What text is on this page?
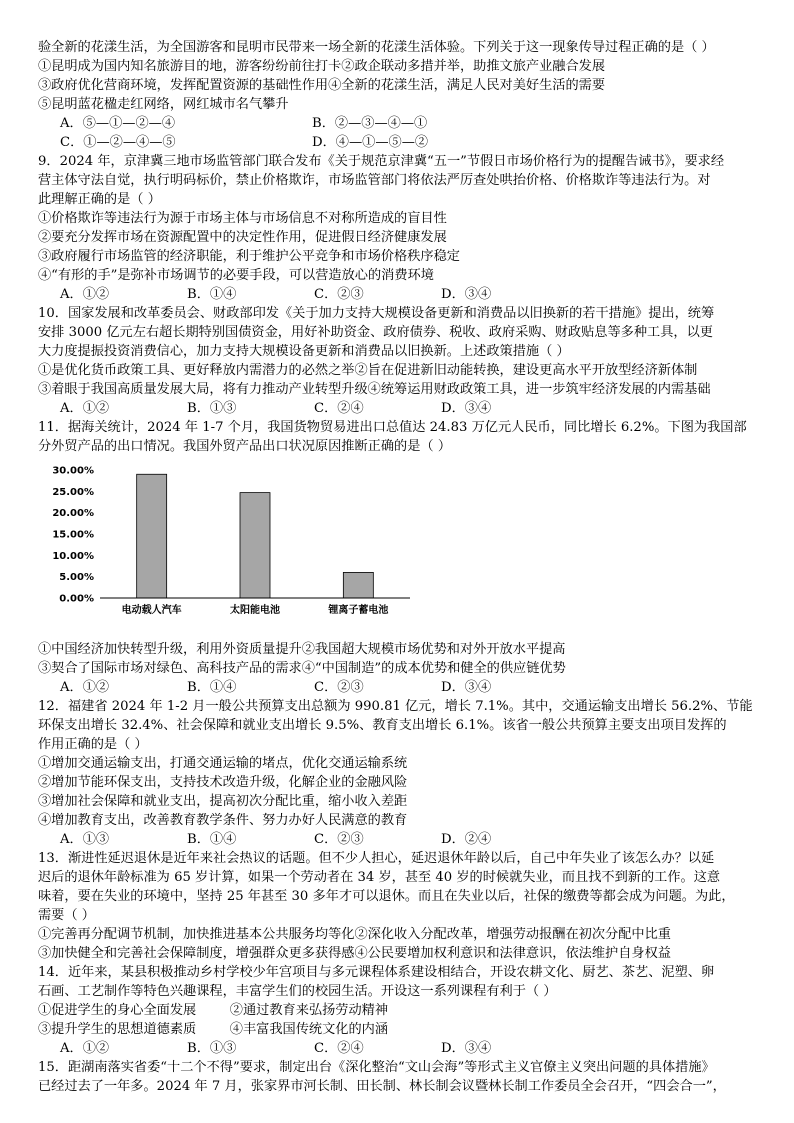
验全新的花漾生活，为全国游客和昆明市民带来一场全新的花漾生活体验。下列关于这一现象传导过程正确的是（ ）
①昆明成为国内知名旅游目的地，游客纷纷前往打卡②政企联动多措并举，助推文旅产业融合发展
③政府优化营商环境，发挥配置资源的基础性作用④全新的花漾生活，满足人民对美好生活的需要
⑤昆明蓝花楹走红网络，网红城市名气攀升
A．⑤—①—②—④	B．②—③—④—①
C．①—②—④—⑤	D．④—①—⑤—②
9．2024 年，京津冀三地市场监管部门联合发布《关于规范京津冀“五一”节假日市场价格行为的提醒告诫书》，要求经
营主体守法自觉，执行明码标价，禁止价格欺诈，市场监管部门将依法严厉查处哄抬价格、价格欺诈等违法行为。对
此理解正确的是（ ）
①价格欺诈等违法行为源于市场主体与市场信息不对称所造成的盲目性
②要充分发挥市场在资源配置中的决定性作用，促进假日经济健康发展
③政府履行市场监管的经济职能，利于维护公平竞争和市场价格秩序稳定
④“有形的手”是弥补市场调节的必要手段，可以营造放心的消费环境
A．①②	B．①④	C．②③	D．③④
10．国家发展和改革委员会、财政部印发《关于加力支持大规模设备更新和消费品以旧换新的若干措施》提出，统筹
安排 3000 亿元左右超长期特别国债资金，用好补助资金、政府债券、税收、政府采购、财政贴息等多种工具，以更
大力度提振投资消费信心，加力支持大规模设备更新和消费品以旧换新。上述政策措施（ ）
①是优化货币政策工具、更好释放内需潜力的必然之举②旨在促进新旧动能转换，建设更高水平开放型经济新体制
③着眼于我国高质量发展大局，将有力推动产业转型升级④统筹运用财政政策工具，进一步筑牢经济发展的内需基础
A．①②	B．①③	C．②④	D．③④
11．据海关统计，2024 年 1-7 个月，我国货物贸易进出口总值达 24.83 万亿元人民币，同比增长 6.2%。下图为我国部
分外贸产品的出口情况。我国外贸产品出口状况原因推断正确的是（ ）
0.00%
5.00%
10.00%
15.00%
20.00%
25.00%
30.00%
电动载人汽车	太阳能电池	锂离子蓄电池
①中国经济加快转型升级，利用外资质量提升②我国超大规模市场优势和对外开放水平提高
③契合了国际市场对绿色、高科技产品的需求④“中国制造”的成本优势和健全的供应链优势
A．①②	B．①④	C．②③	D．③④
12．福建省 2024 年 1-2 月一般公共预算支出总额为 990.81 亿元，增长 7.1%。其中，交通运输支出增长 56.2%、节能
环保支出增长 32.4%、社会保障和就业支出增长 9.5%、教育支出增长 6.1%。该省一般公共预算主要支出项目发挥的
作用正确的是（ ）
①增加交通运输支出，打通交通运输的堵点，优化交通运输系统
②增加节能环保支出，支持技术改造升级，化解企业的金融风险
③增加社会保障和就业支出，提高初次分配比重，缩小收入差距
④增加教育支出，改善教育教学条件、努力办好人民满意的教育
A．①③	B．①④	C．②③	D．②④
13．渐进性延迟退休是近年来社会热议的话题。但不少人担心，延迟退休年龄以后，自己中年失业了该怎么办？以延
迟后的退休年龄标准为 65 岁计算，如果一个劳动者在 34 岁，甚至 40 岁的时候就失业，而且找不到新的工作。这意
味着，要在失业的环境中，坚持 25 年甚至 30 多年才可以退休。而且在失业以后，社保的缴费等都会成为问题。为此，
需要（ ）
①完善再分配调节机制，加快推进基本公共服务均等化②深化收入分配改革，增强劳动报酬在初次分配中比重
③加快健全和完善社会保障制度，增强群众更多获得感④公民要增加权利意识和法律意识，依法维护自身权益
14．近年来，某县积极推动乡村学校少年宫项目与多元课程体系建设相结合，开设农耕文化、厨艺、茶艺、泥塑、卵
石画、工艺制作等特色兴趣课程，丰富学生们的校园生活。开设这一系列课程有利于（ ）
①促进学生的身心全面发展        ②通过教育来弘扬劳动精神
③提升学生的思想道德素质        ④丰富我国传统文化的内涵
A．①②	B．①③	C．②④	D．③④
15．距湖南落实省委“十二个不得”要求，制定出台《深化整治“文山会海”等形式主义官僚主义突出问题的具体措施》
已经过去了一年多。2024 年 7 月，张家界市河长制、田长制、林长制会议暨林长制工作委员全会召开，“四会合一”，
